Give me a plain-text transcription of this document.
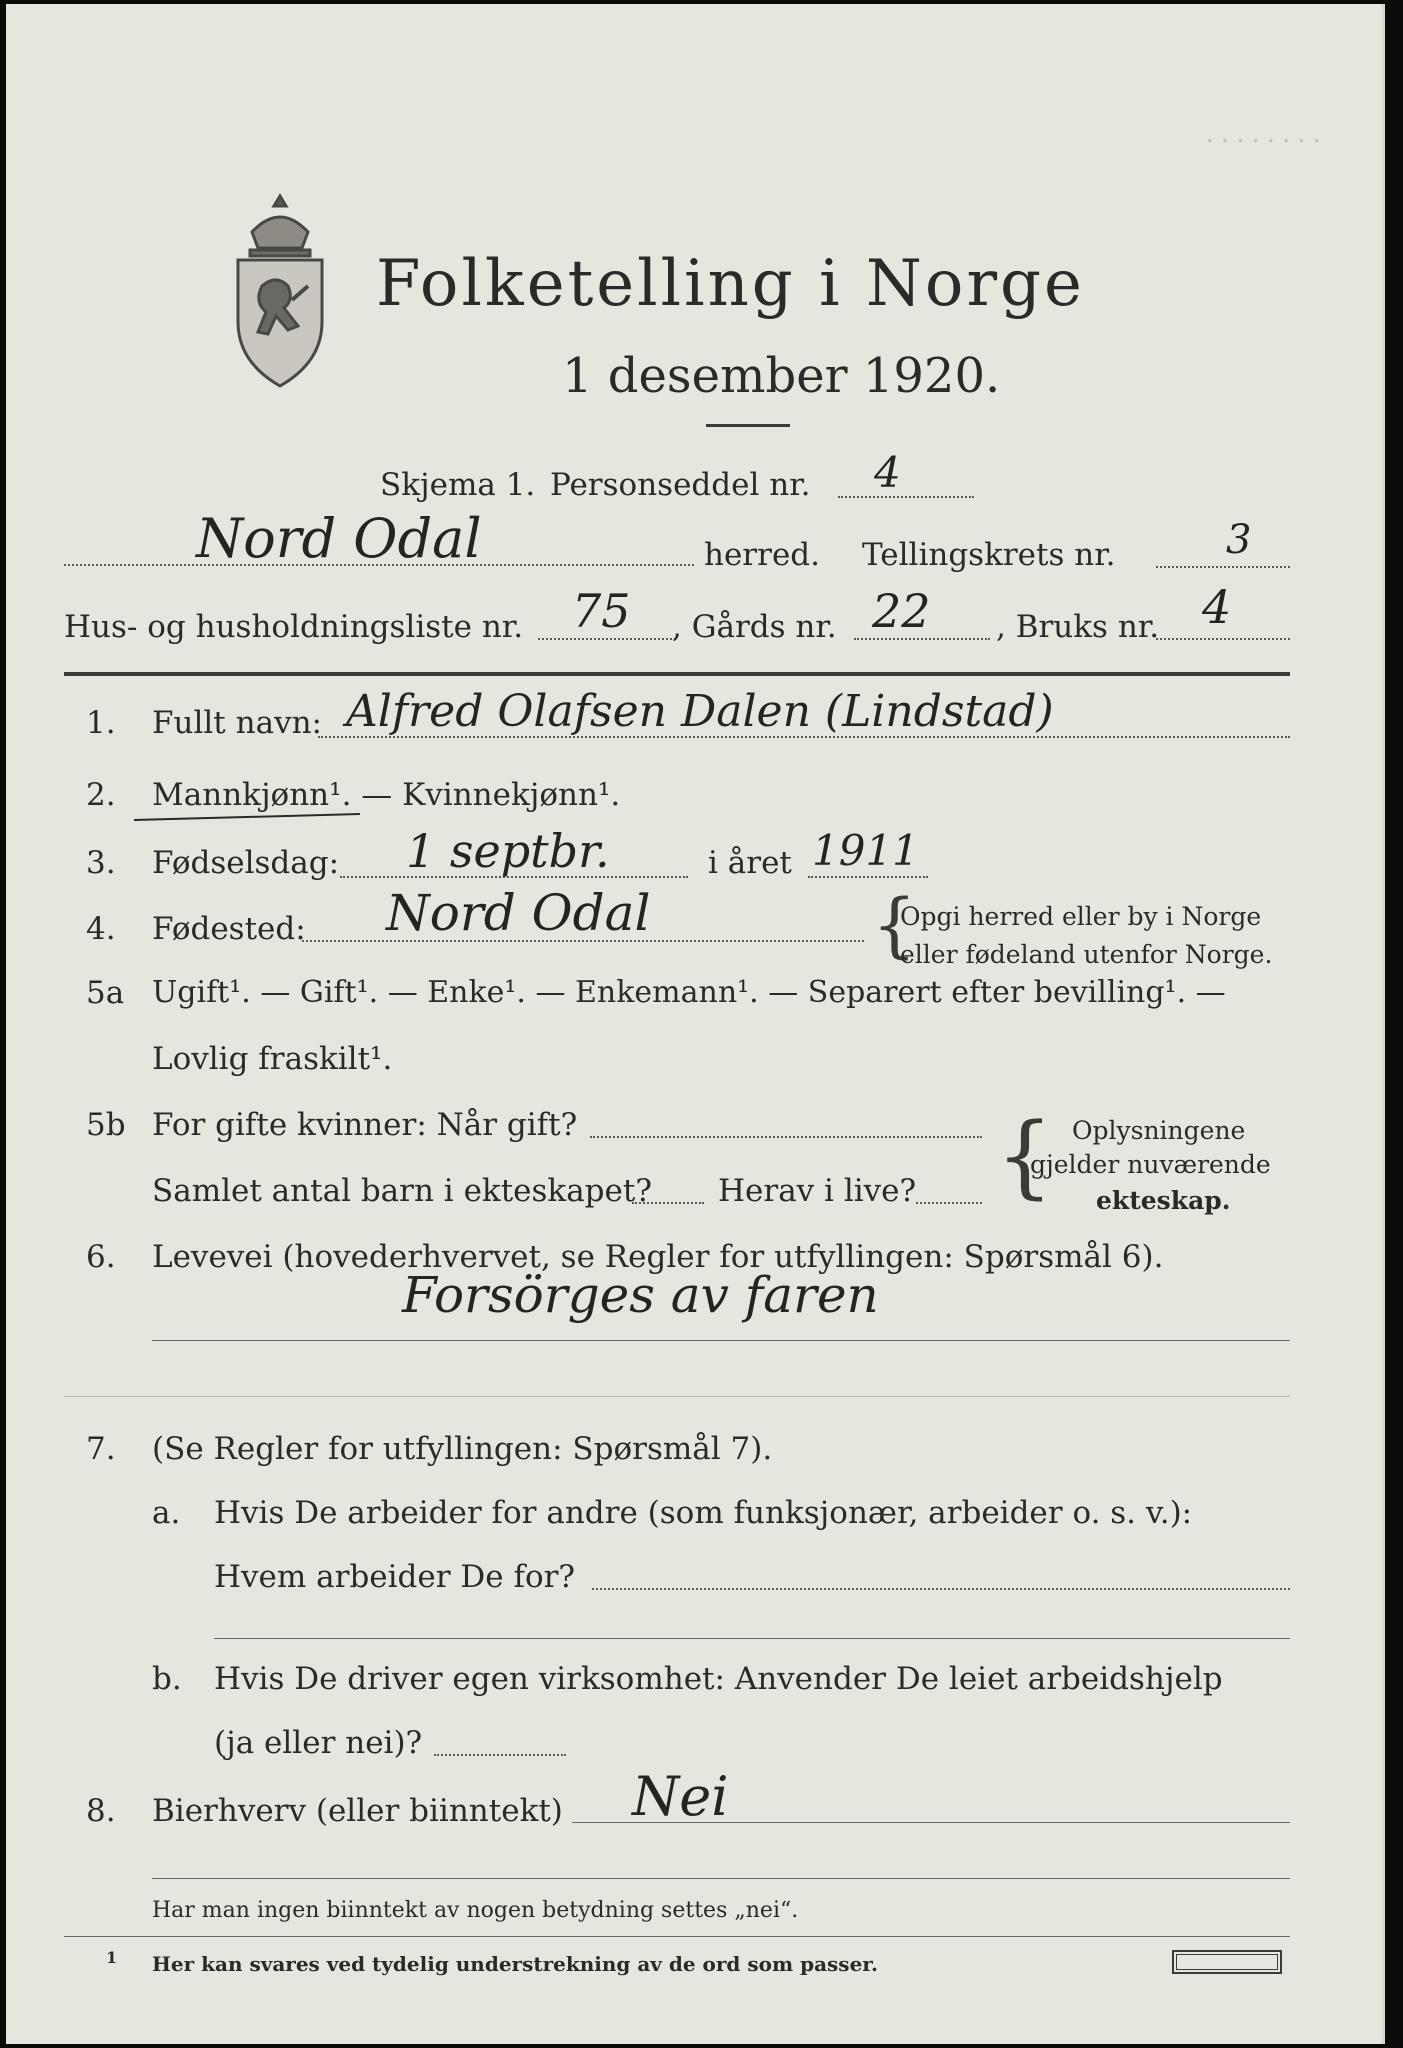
. . . . . . . .
Folketelling i Norge
1 desember 1920.
Skjema 1. Personseddel nr. 4
Nord Odal	herred. Tellingskrets nr.	3
Hus- og husholdningsliste nr. 75 , Gårds nr. 22 , Bruks nr. 4
1. Fullt navn: Alfred Olafsen Dalen (Lindstad)
2. Mannkjønn¹. — Kvinnekjønn¹.
3. Fødselsdag: 1 septbr.	i året 1911
4. Fødested: Nord Odal	{
Opgi herred eller by i Norge
eller fødeland utenfor Norge.
5a Ugift¹. — Gift¹. — Enke¹. — Enkemann¹. — Separert efter bevilling¹. —
Lovlig fraskilt¹.
5b For gifte kvinner: Når gift?
Samlet antal barn i ekteskapet? Herav i live? { Oplysningene
gjelder nuværende
ekteskap.
6. Levevei (hovederhvervet, se Regler for utfyllingen: Spørsmål 6).
Forsörges av faren
7. (Se Regler for utfyllingen: Spørsmål 7).
a. Hvis De arbeider for andre (som funksjonær, arbeider o. s. v.):
Hvem arbeider De for?
b. Hvis De driver egen virksomhet: Anvender De leiet arbeidshjelp
(ja eller nei)?
8. Bierhverv (eller biinntekt) Nei
Har man ingen biinntekt av nogen betydning settes „nei“.
1 Her kan svares ved tydelig understrekning av de ord som passer.
